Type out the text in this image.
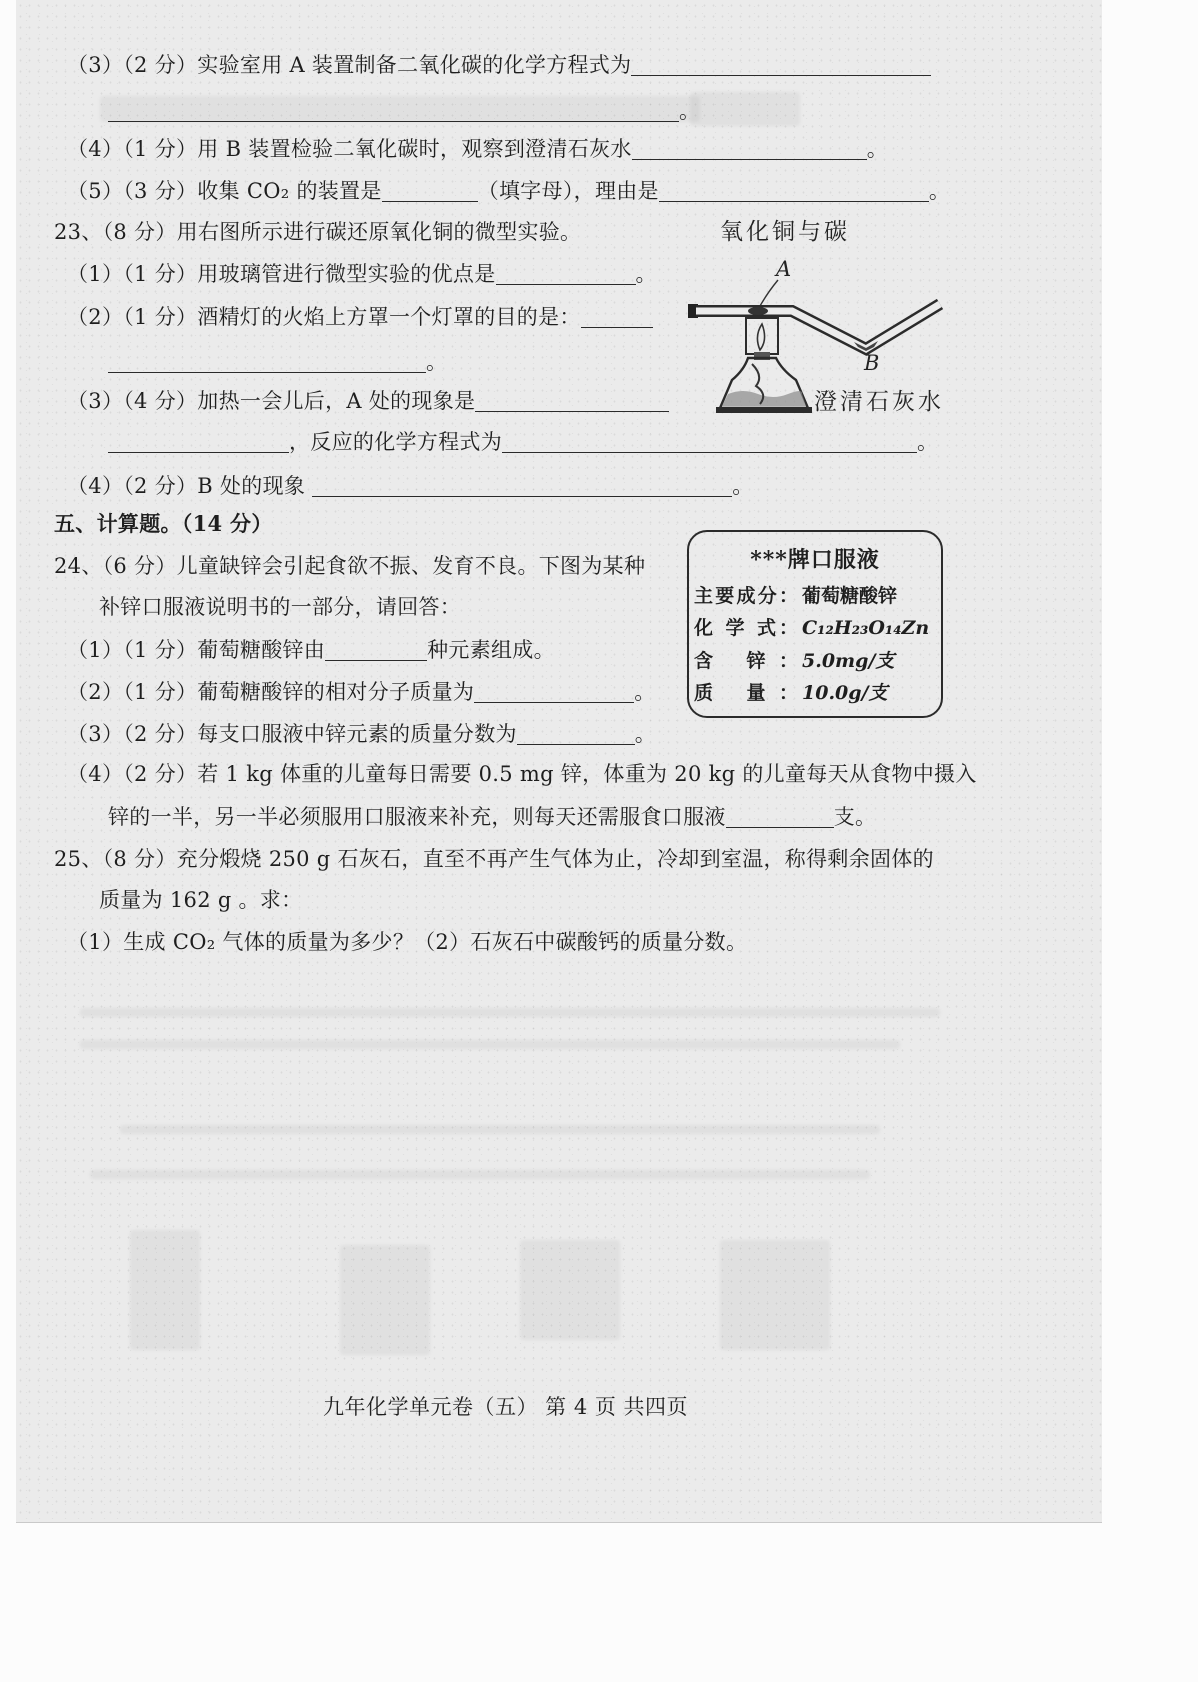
（3）（2 分）实验室用 A 装置制备二氧化碳的化学方程式为
。
（4）（1 分）用 B 装置检验二氧化碳时，观察到澄清石灰水	。
（5）（3 分）收集 CO₂ 的装置是	（填字母），理由是	。
23、（8 分）用右图所示进行碳还原氧化铜的微型实验。	氧化铜与碳
（1）（1 分）用玻璃管进行微型实验的优点是	。
（2）（1 分）酒精灯的火焰上方罩一个灯罩的目的是：
。
（3）（4 分）加热一会儿后，A 处的现象是	澄清石灰水
，反应的化学方程式为	。
（4）（2 分）B 处的现象	。
A
B
五、计算题。（14 分）
24、（6 分）儿童缺锌会引起食欲不振、发育不良。下图为某种
补锌口服液说明书的一部分，请回答：
（1）（1 分）葡萄糖酸锌由	种元素组成。
（2）（1 分）葡萄糖酸锌的相对分子质量为	。
（3）（2 分）每支口服液中锌元素的质量分数为	。
（4）（2 分）若 1 kg 体重的儿童每日需要 0.5 mg 锌，体重为 20 kg 的儿童每天从食物中摄入
锌的一半，另一半必须服用口服液来补充，则每天还需服食口服液	支。
***牌口服液
主要成分： 葡萄糖酸锌
化 学 式： C₁₂H₂₃O₁₄Zn
含 锌： 5.0mg/支
质 量： 10.0g/支
25、（8 分）充分煅烧 250 g 石灰石，直至不再产生气体为止，冷却到室温，称得剩余固体的
质量为 162 g 。求：
（1）生成 CO₂ 气体的质量为多少？（2）石灰石中碳酸钙的质量分数。
九年化学单元卷（五） 第 4 页 共四页
